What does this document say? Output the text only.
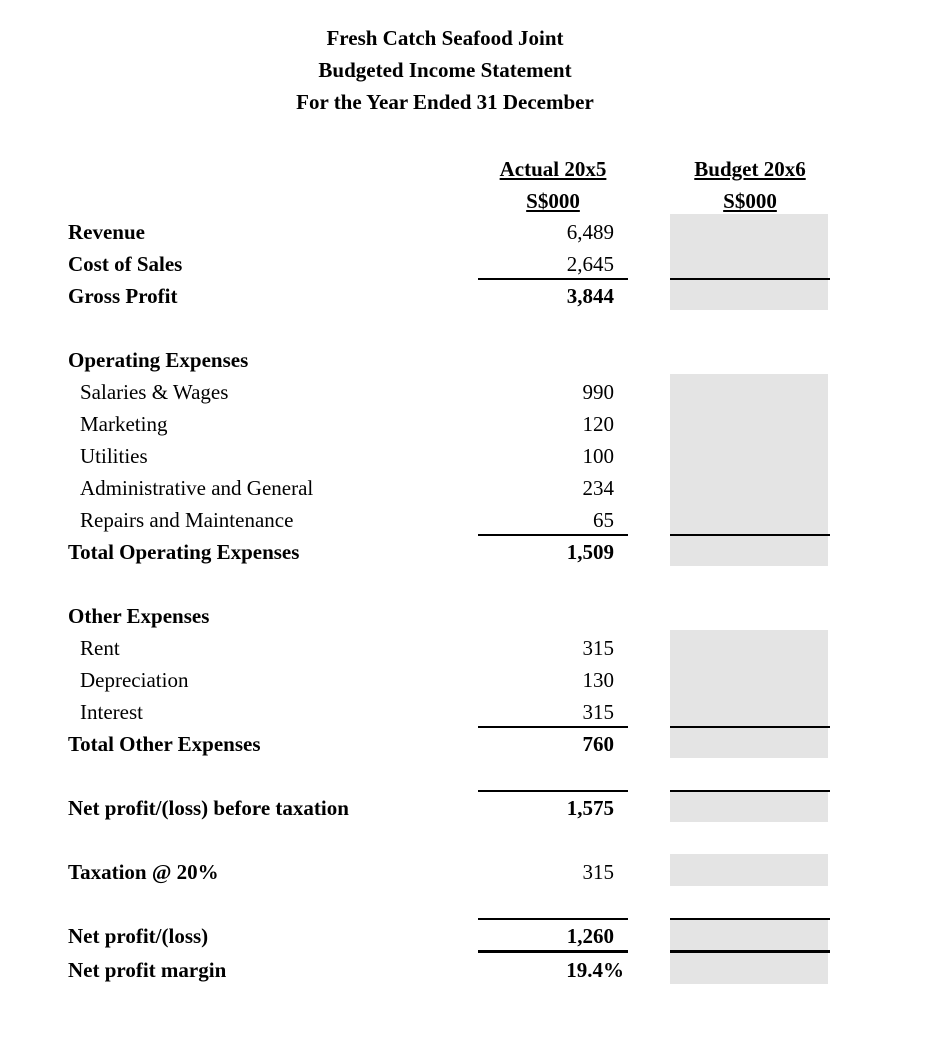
Fresh Catch Seafood Joint
Budgeted Income Statement
For the Year Ended 31 December
Actual 20x5
S$000
Budget 20x6
S$000
Revenue	6,489
Cost of Sales	2,645
Gross Profit	3,844
Operating Expenses
Salaries & Wages	990
Marketing	120
Utilities	100
Administrative and General	234
Repairs and Maintenance	65
Total Operating Expenses	1,509
Other Expenses
Rent	315
Depreciation	130
Interest	315
Total Other Expenses	760
Net profit/(loss) before taxation	1,575
Taxation @ 20%	315
Net profit/(loss)	1,260
Net profit margin	19.4%
